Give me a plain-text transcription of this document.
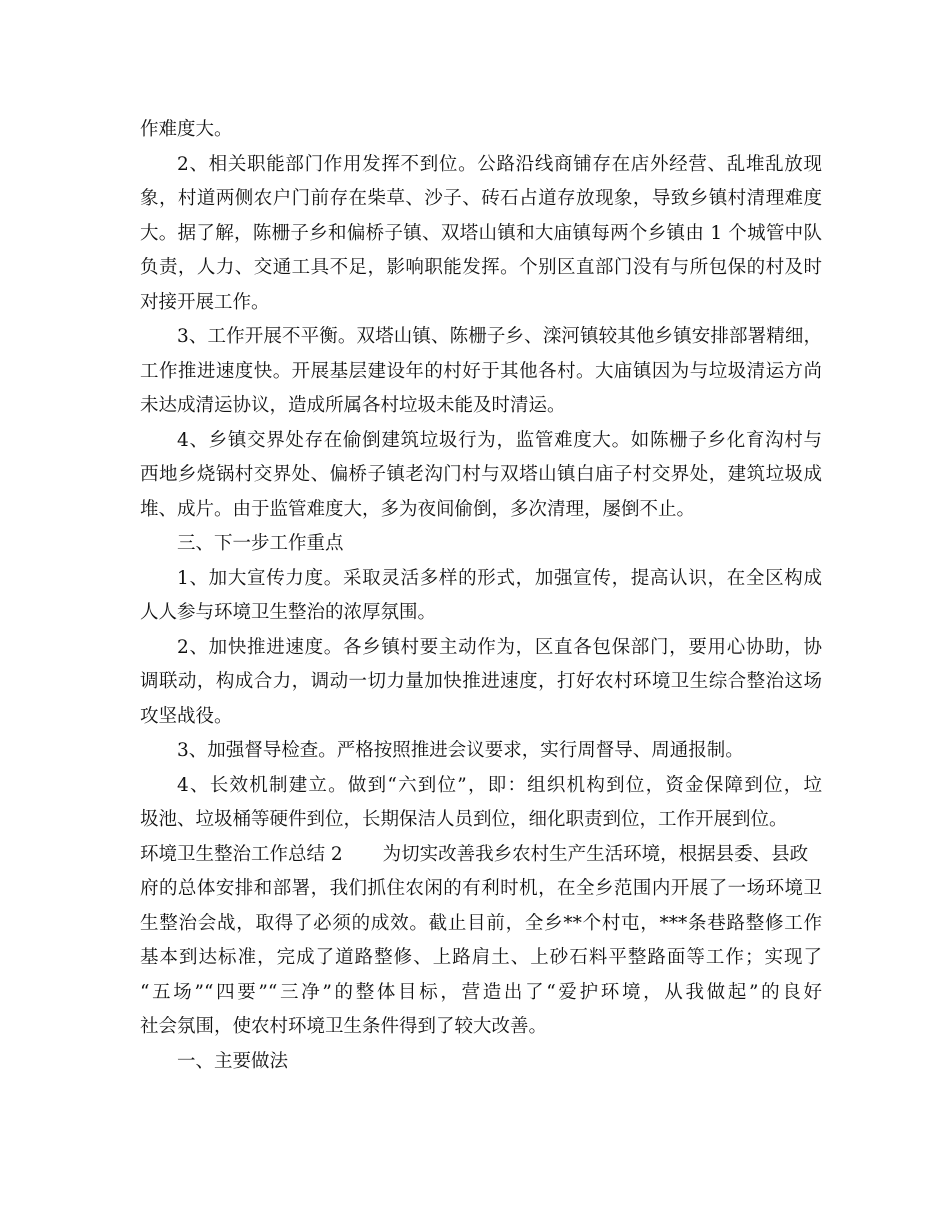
作难度大。
2、相关职能部门作用发挥不到位。公路沿线商铺存在店外经营、乱堆乱放现
象，村道两侧农户门前存在柴草、沙子、砖石占道存放现象，导致乡镇村清理难度
大。据了解，陈栅子乡和偏桥子镇、双塔山镇和大庙镇每两个乡镇由 1 个城管中队
负责，人力、交通工具不足，影响职能发挥。个别区直部门没有与所包保的村及时
对接开展工作。
3、工作开展不平衡。双塔山镇、陈栅子乡、滦河镇较其他乡镇安排部署精细，
工作推进速度快。开展基层建设年的村好于其他各村。大庙镇因为与垃圾清运方尚
未达成清运协议，造成所属各村垃圾未能及时清运。
4、乡镇交界处存在偷倒建筑垃圾行为，监管难度大。如陈栅子乡化育沟村与
西地乡烧锅村交界处、偏桥子镇老沟门村与双塔山镇白庙子村交界处，建筑垃圾成
堆、成片。由于监管难度大，多为夜间偷倒，多次清理，屡倒不止。
三、下一步工作重点
1、加大宣传力度。采取灵活多样的形式，加强宣传，提高认识，在全区构成
人人参与环境卫生整治的浓厚氛围。
2、加快推进速度。各乡镇村要主动作为，区直各包保部门，要用心协助，协
调联动，构成合力，调动一切力量加快推进速度，打好农村环境卫生综合整治这场
攻坚战役。
3、加强督导检查。严格按照推进会议要求，实行周督导、周通报制。
4、长效机制建立。做到“六到位”，即：组织机构到位，资金保障到位，垃
圾池、垃圾桶等硬件到位，长期保洁人员到位，细化职责到位，工作开展到位。
环境卫生整治工作总结 2 为切实改善我乡农村生产生活环境，根据县委、县政
府的总体安排和部署，我们抓住农闲的有利时机，在全乡范围内开展了一场环境卫
生整治会战，取得了必须的成效。截止目前，全乡**个村屯，***条巷路整修工作
基本到达标准，完成了道路整修、上路肩土、上砂石料平整路面等工作；实现了
“五场”“四要”“三净”的整体目标，营造出了“爱护环境，从我做起”的良好
社会氛围，使农村环境卫生条件得到了较大改善。
一、主要做法
